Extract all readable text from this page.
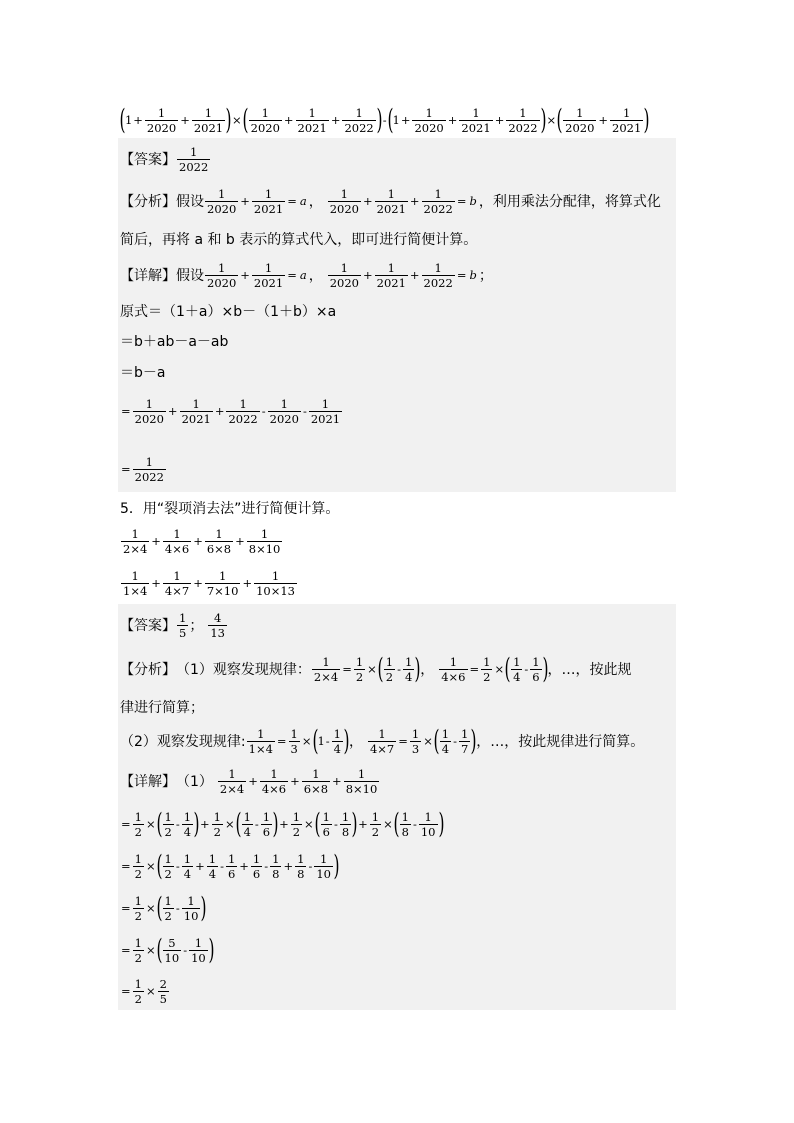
( $1 + \frac{1}{2020} + \frac{1}{2021}$ ) × ( $\frac{1}{2020} + \frac{1}{2021} + \frac{1}{2022}$ ) - ( $1 + \frac{1}{2020} + \frac{1}{2021} + \frac{1}{2022}$ ) × ( $\frac{1}{2020} + \frac{1}{2021}$ )
【答案】 $\frac{1}{2022}$
【分析】 假设 $\frac{1}{2020} + \frac{1}{2021} = a$ ， $\frac{1}{2020} + \frac{1}{2021} + \frac{1}{2022} = b$ ，利用乘法分配律，将算式化
简后，再将 a 和 b 表示的算式代入，即可进行简便计算。
【详解】 假设 $\frac{1}{2020} + \frac{1}{2021} = a$ ， $\frac{1}{2020} + \frac{1}{2021} + \frac{1}{2022} = b$ ；
原式＝（1＋a）×b－（1＋b）×a
＝b＋ab－a－ab
＝b－a
= $\frac{1}{2020} + \frac{1}{2021} + \frac{1}{2022} - \frac{1}{2020} - \frac{1}{2021}$
= $\frac{1}{2022}$
5．用“裂项消去法”进行简便计算。
$\frac{1}{2\times 4} + \frac{1}{4\times 6} + \frac{1}{6\times 8} + \frac{1}{8\times 10}$
$\frac{1}{1\times 4} + \frac{1}{4\times 7} + \frac{1}{7\times 10} + \frac{1}{10\times 13}$
【答案】 $\frac{1}{5}$ ； $\frac{4}{13}$
【分析】 （1）观察发现规律： $\frac{1}{2\times 4} = \frac{1}{2}$ × ( $\frac{1}{2} - \frac{1}{4}$ ) ， $\frac{1}{4\times 6} = \frac{1}{2}$ × ( $\frac{1}{4} - \frac{1}{6}$ ) ，…，按此规
律进行简算；
（2）观察发现规律: $\frac{1}{1\times 4} = \frac{1}{3}$ × ( $1 - \frac{1}{4}$ ) ， $\frac{1}{4\times 7} = \frac{1}{3}$ × ( $\frac{1}{4} - \frac{1}{7}$ ) ，…，按此规律进行简算。
【详解】 $(1) \frac{1}{2\times 4} + \frac{1}{4\times 6} + \frac{1}{6\times 8} + \frac{1}{8\times 10}$
= $\frac{1}{2}$ × ( $\frac{1}{2} - \frac{1}{4}$ ) + $\frac{1}{2}$ × ( $\frac{1}{4} - \frac{1}{6}$ ) + $\frac{1}{2}$ × ( $\frac{1}{6} - \frac{1}{8}$ ) + $\frac{1}{2}$ × ( $\frac{1}{8} - \frac{1}{10}$ )
= $\frac{1}{2}$ × ( $\frac{1}{2} - \frac{1}{4} + \frac{1}{4} - \frac{1}{6} + \frac{1}{6} - \frac{1}{8} + \frac{1}{8} - \frac{1}{10}$ )
= $\frac{1}{2}$ × ( $\frac{1}{2} - \frac{1}{10}$ )
= $\frac{1}{2}$ × ( $\frac{5}{10} - \frac{1}{10}$ )
= $\frac{1}{2} \times \frac{2}{5}$
